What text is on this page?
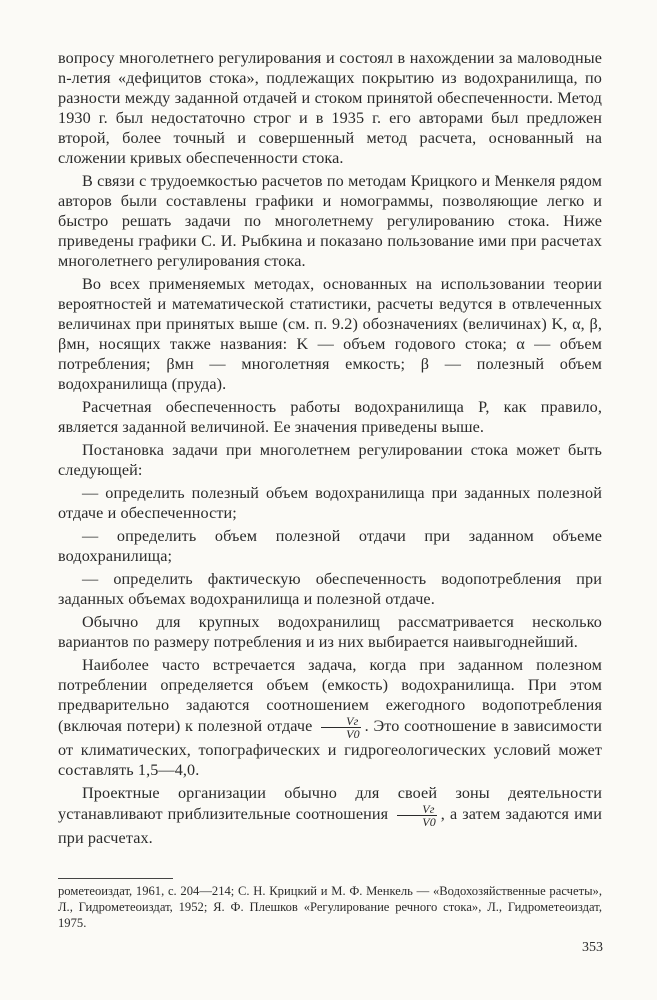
вопросу многолетнего регулирования и состоял в нахождении за маловодные n-летия «дефицитов стока», подлежащих покрытию из водохранилища, по разности между заданной отдачей и стоком принятой обеспеченности. Метод 1930 г. был недостаточно строг и в 1935 г. его авторами был предложен второй, более точный и совершенный метод расчета, основанный на сложении кривых обеспеченности стока.

В связи с трудоемкостью расчетов по методам Крицкого и Менкеля рядом авторов были составлены графики и номограммы, позволяющие легко и быстро решать задачи по многолетнему регулированию стока. Ниже приведены графики С. И. Рыбкина и показано пользование ими при расчетах многолетнего регулирования стока.

Во всех применяемых методах, основанных на использовании теории вероятностей и математической статистики, расчеты ведутся в отвлеченных величинах при принятых выше (см. п. 9.2) обозначениях (величинах) K, α, β, βмн, носящих также названия: K — объем годового стока; α — объем потребления; βмн — многолетняя емкость; β — полезный объем водохранилища (пруда).

Расчетная обеспеченность работы водохранилища P, как правило, является заданной величиной. Ее значения приведены выше.

Постановка задачи при многолетнем регулировании стока может быть следующей:

— определить полезный объем водохранилища при заданных полезной отдаче и обеспеченности;

— определить объем полезной отдачи при заданном объеме водохранилища;

— определить фактическую обеспеченность водопотребления при заданных объемах водохранилища и полезной отдаче.

Обычно для крупных водохранилищ рассматривается несколько вариантов по размеру потребления и из них выбирается наивыгоднейший.

Наиболее часто встречается задача, когда при заданном полезном потреблении определяется объем (емкость) водохранилища. При этом предварительно задаются соотношением ежегодного водопотребления (включая потери) к полезной отдаче $\frac{Vг}{V0}$ . Это соотношение в зависимости от климатических, топографических и гидрогеологических условий может составлять 1,5—4,0.

Проектные организации обычно для своей зоны деятельности устанавливают приблизительные соотношения $\frac{Vг}{V0}$ , а затем задаются ими при расчетах.

рометеоиздат, 1961, с. 204—214; С. Н. Крицкий и М. Ф. Менкель — «Водохозяйственные расчеты», Л., Гидрометеоиздат, 1952; Я. Ф. Плешков «Регулирование речного стока», Л., Гидрометеоиздат, 1975.

353
